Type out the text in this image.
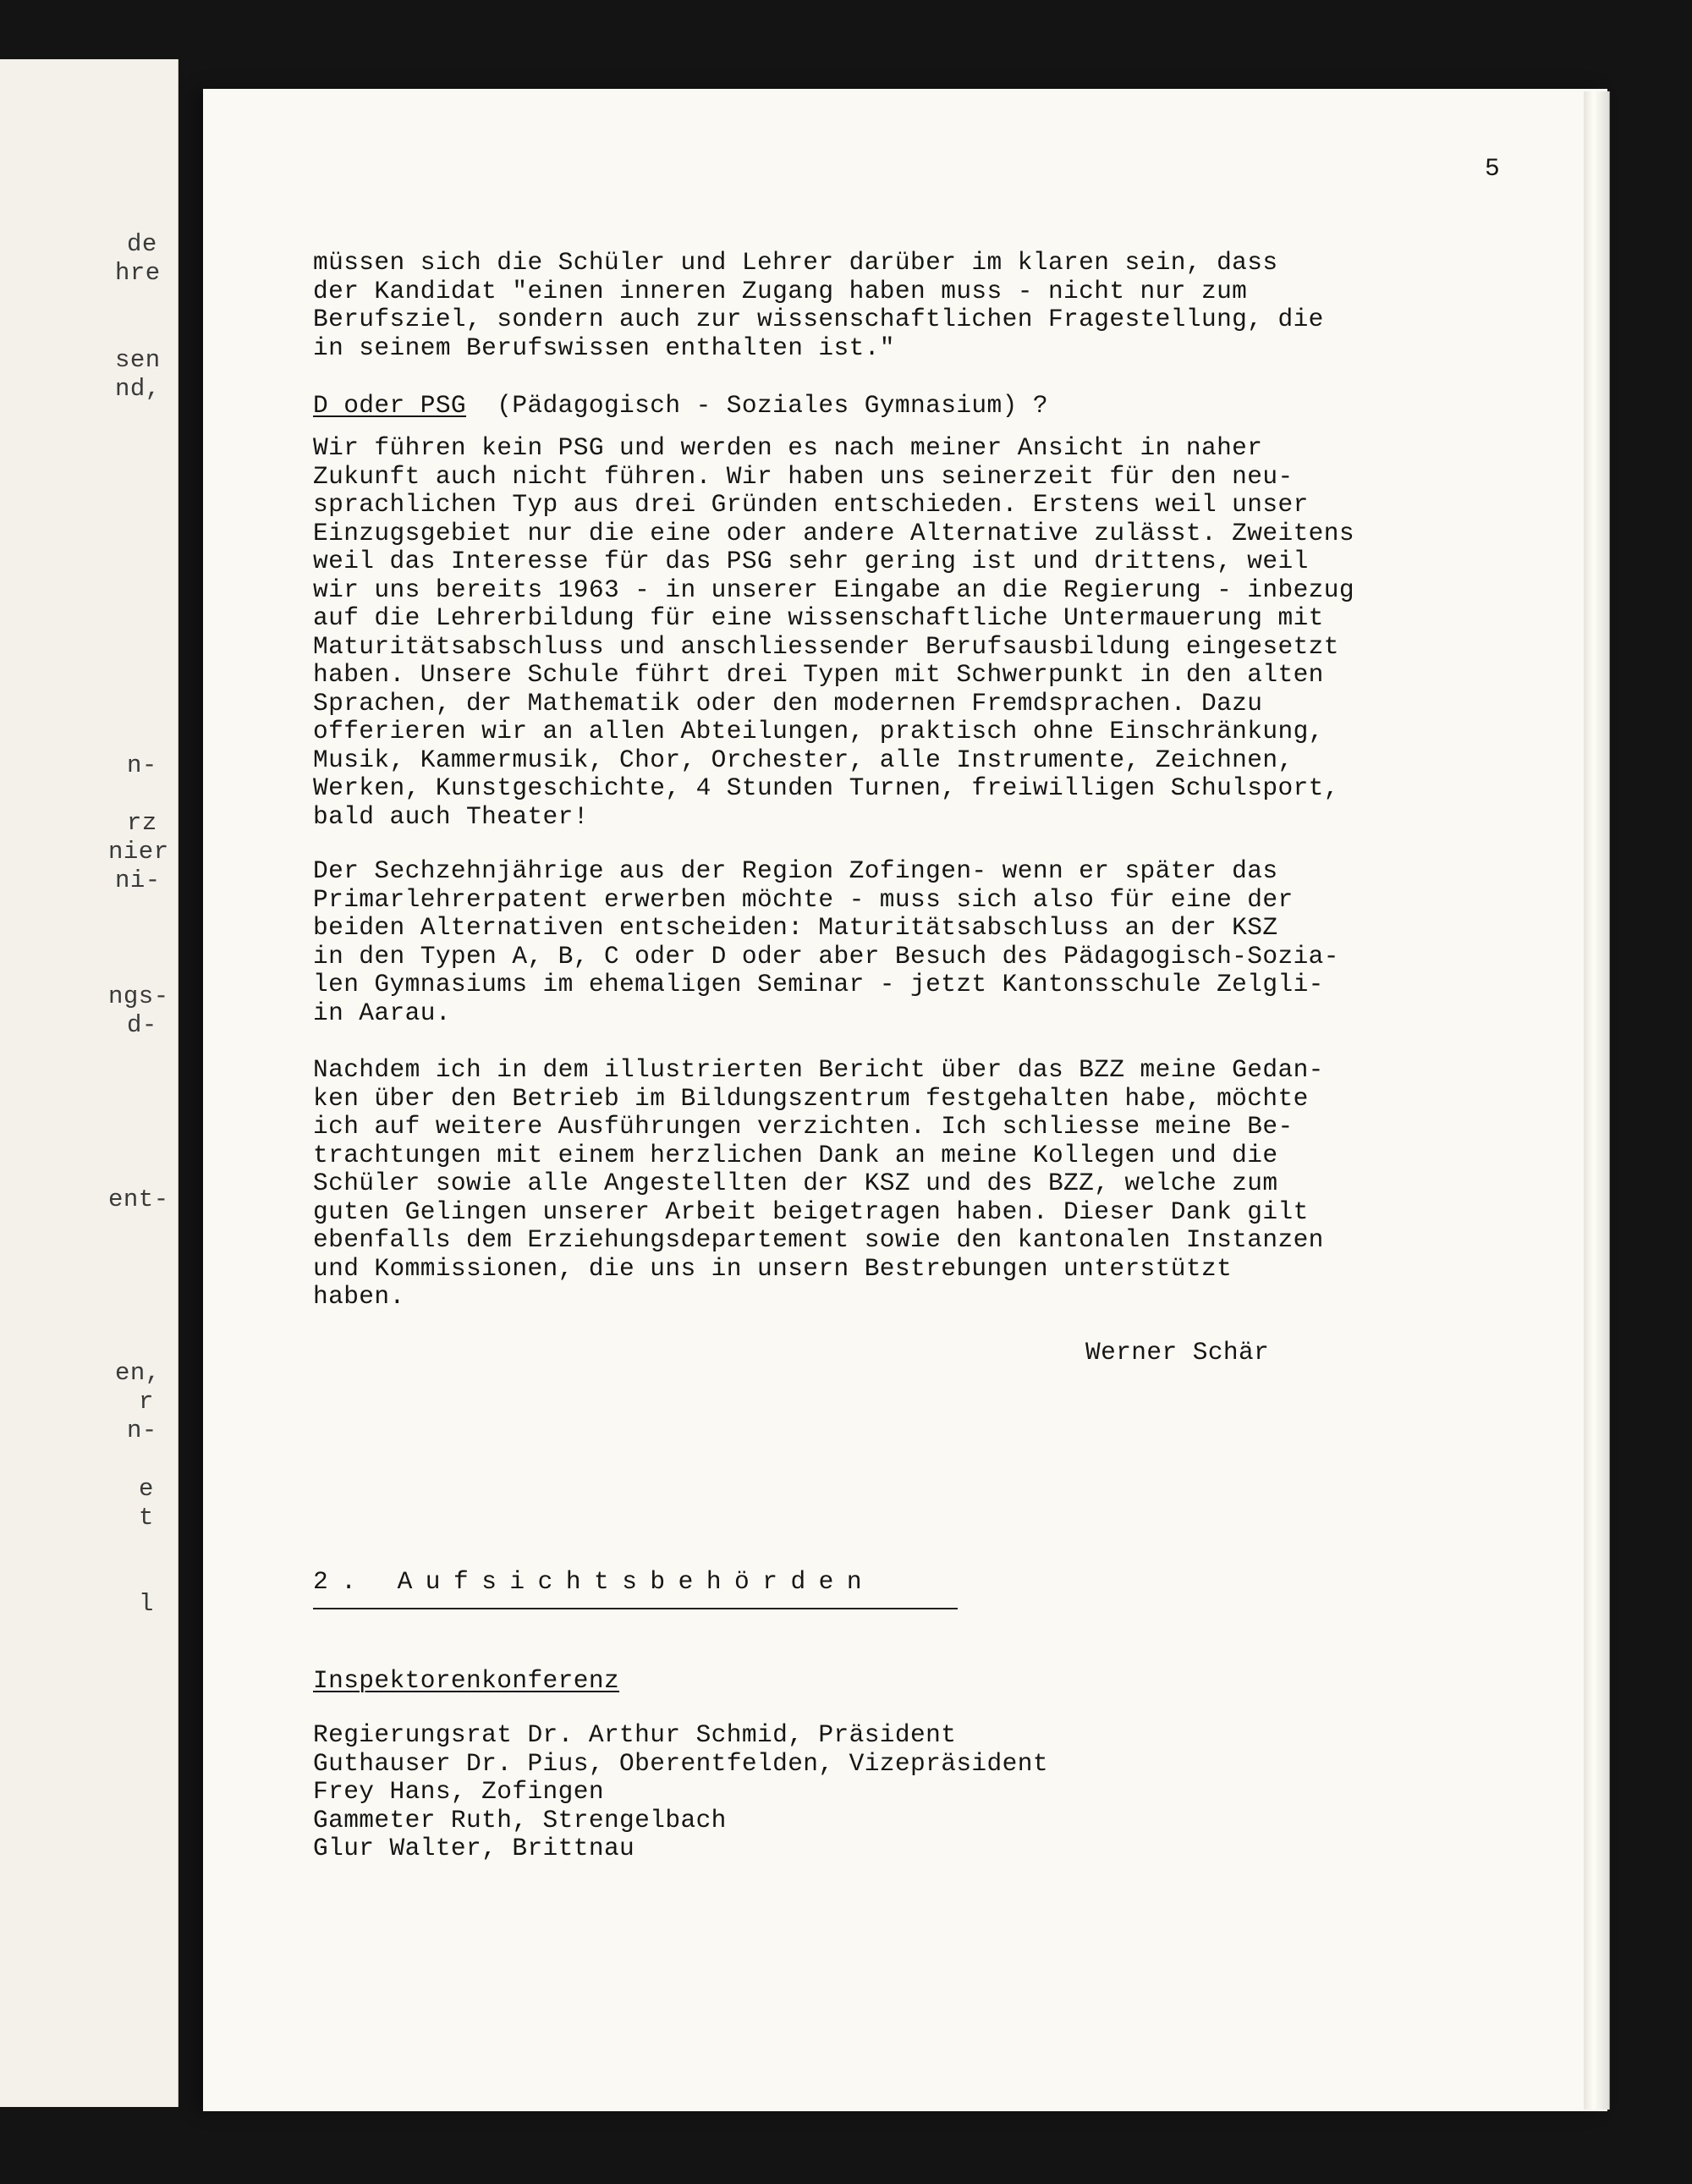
de
hre
sen
nd,
n-
rz
nier
ni-
ngs-
d-
ent-
en,
r
n-
e
t
l
5
müssen sich die Schüler und Lehrer darüber im klaren sein, dass
der Kandidat "einen inneren Zugang haben muss - nicht nur zum
Berufsziel, sondern auch zur wissenschaftlichen Fragestellung, die
in seinem Berufswissen enthalten ist."
D oder PSG  (Pädagogisch - Soziales Gymnasium) ?
Wir führen kein PSG und werden es nach meiner Ansicht in naher
Zukunft auch nicht führen. Wir haben uns seinerzeit für den neu-
sprachlichen Typ aus drei Gründen entschieden. Erstens weil unser
Einzugsgebiet nur die eine oder andere Alternative zulässt. Zweitens
weil das Interesse für das PSG sehr gering ist und drittens, weil
wir uns bereits 1963 - in unserer Eingabe an die Regierung - inbezug
auf die Lehrerbildung für eine wissenschaftliche Untermauerung mit
Maturitätsabschluss und anschliessender Berufsausbildung eingesetzt
haben. Unsere Schule führt drei Typen mit Schwerpunkt in den alten
Sprachen, der Mathematik oder den modernen Fremdsprachen. Dazu
offerieren wir an allen Abteilungen, praktisch ohne Einschränkung,
Musik, Kammermusik, Chor, Orchester, alle Instrumente, Zeichnen,
Werken, Kunstgeschichte, 4 Stunden Turnen, freiwilligen Schulsport,
bald auch Theater!
Der Sechzehnjährige aus der Region Zofingen- wenn er später das
Primarlehrerpatent erwerben möchte - muss sich also für eine der
beiden Alternativen entscheiden: Maturitätsabschluss an der KSZ
in den Typen A, B, C oder D oder aber Besuch des Pädagogisch-Sozia-
len Gymnasiums im ehemaligen Seminar - jetzt Kantonsschule Zelgli-
in Aarau.
Nachdem ich in dem illustrierten Bericht über das BZZ meine Gedan-
ken über den Betrieb im Bildungszentrum festgehalten habe, möchte
ich auf weitere Ausführungen verzichten. Ich schliesse meine Be-
trachtungen mit einem herzlichen Dank an meine Kollegen und die
Schüler sowie alle Angestellten der KSZ und des BZZ, welche zum
guten Gelingen unserer Arbeit beigetragen haben. Dieser Dank gilt
ebenfalls dem Erziehungsdepartement sowie den kantonalen Instanzen
und Kommissionen, die uns in unsern Bestrebungen unterstützt
haben.
Werner Schär
2. Aufsichtsbehörden
Inspektorenkonferenz
Regierungsrat Dr. Arthur Schmid, Präsident
Guthauser Dr. Pius, Oberentfelden, Vizepräsident
Frey Hans, Zofingen
Gammeter Ruth, Strengelbach
Glur Walter, Brittnau
